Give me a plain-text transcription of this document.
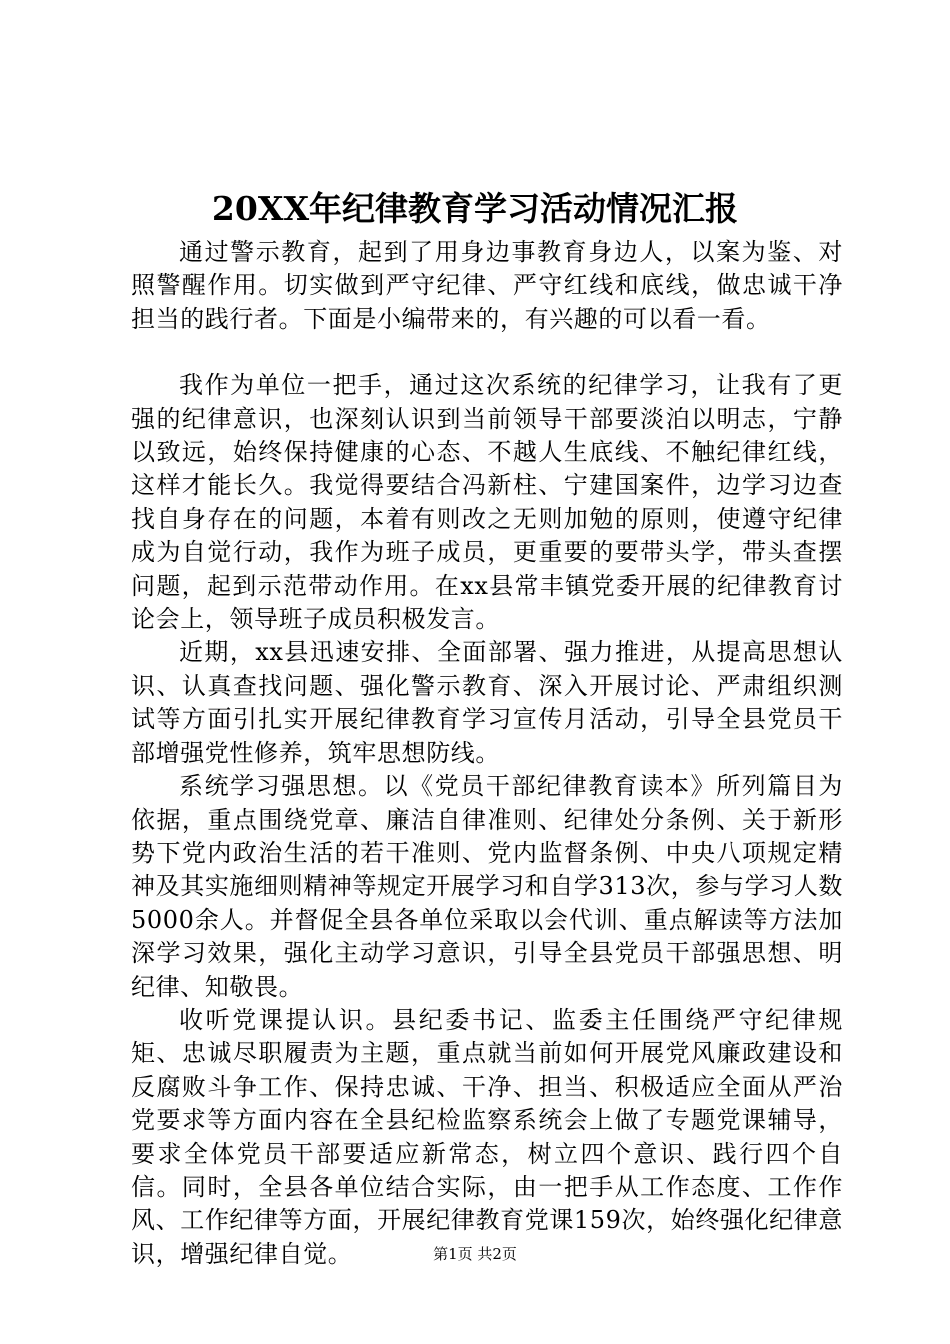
20XX年纪律教育学习活动情况汇报

通过警示教育，起到了用身边事教育身边人，以案为鉴、对照警醒作用。切实做到严守纪律、严守红线和底线，做忠诚干净担当的践行者。下面是小编带来的，有兴趣的可以看一看。

我作为单位一把手，通过这次系统的纪律学习，让我有了更强的纪律意识，也深刻认识到当前领导干部要淡泊以明志，宁静以致远，始终保持健康的心态、不越人生底线、不触纪律红线，这样才能长久。我觉得要结合冯新柱、宁建国案件，边学习边查找自身存在的问题，本着有则改之无则加勉的原则，使遵守纪律成为自觉行动，我作为班子成员，更重要的要带头学，带头查摆问题，起到示范带动作用。在xx县常丰镇党委开展的纪律教育讨论会上，领导班子成员积极发言。

近期，xx县迅速安排、全面部署、强力推进，从提高思想认识、认真查找问题、强化警示教育、深入开展讨论、严肃组织测试等方面引扎实开展纪律教育学习宣传月活动，引导全县党员干部增强党性修养，筑牢思想防线。

系统学习强思想。以《党员干部纪律教育读本》所列篇目为依据，重点围绕党章、廉洁自律准则、纪律处分条例、关于新形势下党内政治生活的若干准则、党内监督条例、中央八项规定精神及其实施细则精神等规定开展学习和自学313次，参与学习人数5000余人。并督促全县各单位采取以会代训、重点解读等方法加深学习效果，强化主动学习意识，引导全县党员干部强思想、明纪律、知敬畏。

收听党课提认识。县纪委书记、监委主任围绕严守纪律规矩、忠诚尽职履责为主题，重点就当前如何开展党风廉政建设和反腐败斗争工作、保持忠诚、干净、担当、积极适应全面从严治党要求等方面内容在全县纪检监察系统会上做了专题党课辅导，要求全体党员干部要适应新常态，树立四个意识、践行四个自信。同时，全县各单位结合实际，由一把手从工作态度、工作作风、工作纪律等方面，开展纪律教育党课159次，始终强化纪律意识，增强纪律自觉。	第1页 共2页
